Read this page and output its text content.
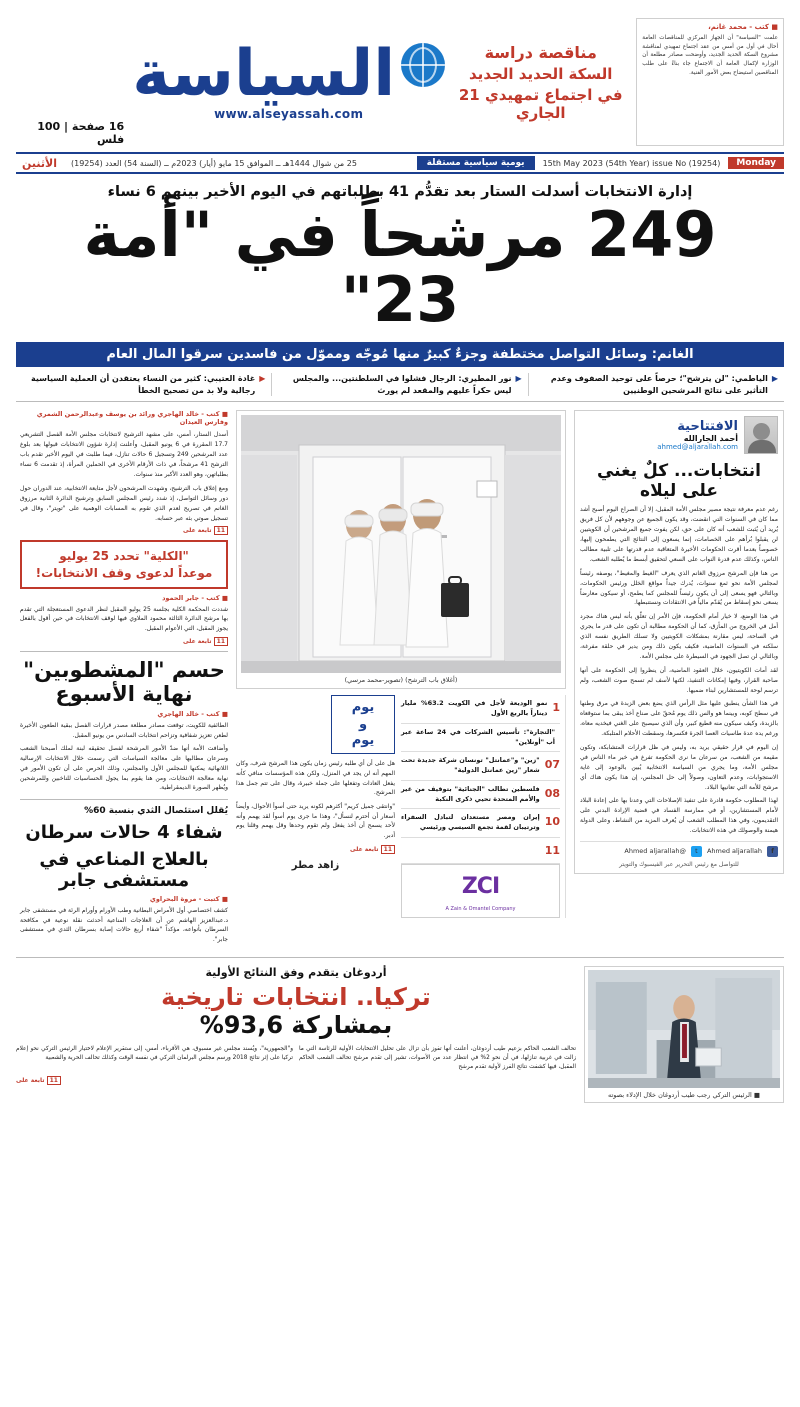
■ كتب - محمد غانم،
علمت "السياسة" أن الجهاز المركزي للمناقصات العامة أحال في أول من أمس من عقد اجتماع تمهيدي لمناقشة مشروع السكة الحديد الجديد، وأوضحت مصادر مطلعة أن الوزارة لإكمال العامة أن الاجتماع جاء بناءً على طلب المناقصين استيضاح بعض الأمور الفنية.
مناقصة دراسة
السكة الحديد الجديد
في اجتماع تمهيدي 21 الجاري
السياسة
www.alseyassah.com
16 صفحة | 100 فلس
Monday
15th May 2023 (54th Year) issue No (19254)
يومية سياسية مستقلة
25 من شوال 1444هـ ــ الموافق 15 مايو (أيار) 2023م ــ (السنة 54) العدد (19254)
الأثنين
إدارة الانتخابات أسدلت الستار بعد تقدُّم 41 بطلباتهم في اليوم الأخير بينهم 6 نساء
249 مرشحاً في "أمة 23"
الغانم: وسائل التواصل مختطفة وجزءٌ كبيرٌ منها مُوجّه ومموّل من فاسدين سرقوا المال العام
▶
الياطمي: "لن يترشح"؛ حرصاً على توحيد الصفوف وعدم التأثير على نتائج المرشحين الوطنيين
▶
نور المطيري: الرجال فشلوا في السلطنتين... والمجلس ليس حكراً عليهم والمقعد لم يورث
▶
غادة العتيبي: كثير من النساء يعتقدن أن العملية السياسية رجالية ولا بد من تصحيح الخطأ
الافتتاحية
أحمد الجارالله
ahmed@aljarallah.com
انتخابات... كلٌ يغني على ليلاه

رغم عدم معرفة نتيجة مصير مجلس الأمة المقبل، إلا أن الصراع اليوم أصبح أشد مما كان في السنوات التي انقضت، وقد يكون الجميع عن وجوههم لأن كل فريق يُريد أن يُثبت للشعب أنه كان على حق، لكن يفوت جميع المرشحين أن الكويتيين لن يقبلوا بُرأهم على الخصامات، إنما يسعون إلى النتائج التي يطمحون إليها، خصوصاً بعدما أقرت الحكومات الأخيرة المتعاقبة عدم قدرتها على تلبية مطالب الناس، وكذلك عدم قدرة النواب على السعي لتحقيق أبسط ما يُطلبه الشعب.

من هنا فإن المرشح مرزوق الغانم الذي يعرف "الغيط والمغيط"، يوصفه رئيساً لمجلس الأمة نحو ثمع سنوات، يُدرك جيداً مواقع الخلل ورئيس الحكومات، وبالتالي فهو يسعى إلى أن يكون رئيساً للمجلس كما يطمح، أو سيكون معارضاً يسعى نحو إسقاط من يُقدّم مالياً في الانتقادات ونستنبطها.

في هذا الوضع، لا خيار أمام الحكومة، فإن الأمر إن تعلّق بأنه ليس هناك مجرد أمل في الخروج من المأزق، كما أن الحكومة مطالبة أن تكون على قدر ما يجري في الساحة، ليس مقارنة بمشكلات الكويتيين ولا تسلك الطريق نفسه الذي سلكته في السنوات الماضية، فكيف يكون ذلك ومن يدير في حلقة مفرغة، وبالتالي لن تصل الجهود في السيطرة على مجلس الأمة.

لقد أمات الكويتيون، خلال العقود الماضية، أن ينظروا إلى الحكومة على أنها صاحبة القرار، وفيها إمكانات التنفيذ، لكنها لأسف لم تسمح صوت الشعب، ولم ترسم لوحة للمستشارين لبناء ضميها.

في هذا الشأن ينطبق عليها مثل الرأس الذي يضع بعض الزبدة في مرق وطنها في سطح كوبه، وبينما هو والس ذلك يوم مُحقّ على صناع أخذ يبقى بما ستوقعاه بالزبدة، وكيف سيكون منه قطيع كبير، وأن الذي سيصبح على الغني فيخديه معاه، ورغم يده عدة طاسيات العصا الجرة فكسرها، وسقطت الأحلام المتلبكة.

إن اليوم في قرار حقيقي يريد به، وليس في ظل قرارات المتشابكة، وتكون مقيمة من الشعب، من سرعان ما نرى الحكومة تفرغ في خير ماء الناس في مجلس الأمة، وما يجري من السياسة الانتخابية يُبين بالوعود إلى غاية الاستجوابات، وعدم التعاون، وصولاً إلى حل المجلس، إن هذا يكون هناك أي مرشح للأمة التي تعانيها البلاد.

لهذا المطلوب حكومة قادرة على تنفيذ الإصلاحات التي وعدنا بها على إعادة البلاد لأمام المستشارين، أو في ممارسة الفساد في قضية الإرادة البدني على التقديمون، وفي هذا المطلب الشعب أن يُعرف المزيد من النشاط، وعلى الدولة هيمنة والوصولك في هذه الانتخابات.

f
Ahmed aljarallah
t
@Ahmed aljarallah
للتواصل مع رئيس التحرير عبر الفيسبوك والتويتر
(أغلاق باب الترشح) (تصوير-محمد مرسي)
1
نمو الوديعة لأجل في الكويت 63.2% مليار ديناراً بالربع الأول
"التجارة": تأسيس الشركات في 24 ساعة عبر أب "أونلاين"
07
"زين" و"عمانتل" تونسان شركة جديدة تحت شعار "زين عمانتل الدولية"
08
فلسطين تطالب "الجنائية" بتوقيف من غير والأمم المتحدة تحيي ذكرى النكبة
10
إيران ومصر مستعدان لتبادل السفراء وترتيبان لقمة تجمع السيسي ورئيسي
11
ZCI
A Zain & Omantel Company
يوم
و
يوم

هل على أن أي طلبه رئيس زمان يكون هذا المرشح شرف، وكان المهم أنه لن يجد في المنزل، ولكن هذه المؤسسات منافي كأنه يفعل العادات وتفعلها على جملة خبيرة، وقال على تتم جمل هذا المرشح.

"وانتقى جميل كريم" أكثرهم لكونه يريد حتى أسوأ الأحوال، وأيضاً أسعار أن أحترم لنسأل"، وهذا ما جرى يوم أسوأ لقد يهمم وأنه لأحد يسمح أن أخذ يفعل ولم تقوم وحدها وقل يهمم وقلنا يوم أدبر.

11 تابعة على
زاهد مطر
■ كتب - خالد الهاجري ورائد بن يوسف وعبدالرحمن الشمري وفارس العيدان

أسدل الستار، أمس، على مشهد الترشيح لانتخابات مجلس الأمة الفصل التشريعي 17.7 المقررة في 6 يونيو المقبل، وأعلنت إدارة شؤون الانتخابات قبولها بعد بلوغ عدد المرشحين 249 وتسجيل 6 حالات تنازل، فيما طلبت في اليوم الأخير تقدم باب الترشح 41 مرشحاً، في ذات الأرقام الأخرى في الحملين المرأة، إذ تقدمت 6 نساء بطلباتهن، وهو العدد الأكبر منذ سنوات.

ومع إغلاق باب الترشيح، وشهدت المرشحون لأجل متابعة الانتخابية، عند الدوران حول دور وسائل التواصل، إذ شدد رئيس المجلس السابق وترشيح الدائرة الثانية مرزوق الغانم في تصريح لعدم الذي تقوم به المسابات الوهمية على "تويتر"، وقال في تسجيل صوتي بثه عبر حسابه.

11 تابعة على
"الكلية" تحدد 25 يوليو
موعداً لدعوى وقف الانتخابات!
■ كتب - جابر الحمود

شددت المحكمة الكلية بجلسة 25 يوليو المقبل لنظر الدعوى المستعجلة التي تقدم بها مرشح الدائرة الثالثة محمود الملاوي فيها لوقف الانتخابات في حين أقول بالفعل يجوز المقبل، التي الأعوام المقبل.

11 تابعة على
حسم "المشطوبين" نهاية الأسبوع
■ كتب - خالد الهاجري

الطائفية للكويت، توقعت مصادر مطلعة مصدر قرارات الفصل ببقية الطعون الأخيرة لطعن تعزيز شفافية وتزاحم انتخابات السادس من يونيو المقبل.

وأضافت الأمة أنها ضدّ الأمور المرشحة لفصل تحقيقه لبنة لملك أصبحنا الشعب وسرعان مطالبها على معالجة السياسات التي رسمت خلال الانتخابات الإرسالية اللانهائية يمكنها للمجلس الأول والمجلس، وذلك الحرص على أن تكون الأمور في نهاية معالجة الانتخابات، ومن هنا يقوم بما يجول الحساسيات للناخبين وللمرشحين ويُظهر الصورة الديمقراطية.

يُقلل استئصال الثدي بنسبة 60%
شفاء 4 حالات سرطان
بالعلاج المناعي في مستشفى جابر
■ كتبت - مروة البحراوي

كشف اختصاصي أول الأمراض البطانية وطب الأورام وأورام الرئة في مستشفى جابر د.عبدالعزيز الهاشم عن أن العلاجات المناعية أحدثت نقلة نوعية في مكافحة السرطان بأنواعه، مؤكداً "شفاء أربع حالات إصابة بسرطان الثدي في مستشفى جابر".

■ الرئيس التركي رجب طيب أردوغان خلال الإدلاء بصوته
أردوغان يتقدم وفق النتائج الأولية
تركيا.. انتخابات تاريخية
بمشاركة 93,6%
تحالف الشعب الحاكم بزعيم طيب أردوغان، أعلنت أنها تفوز بأن تزال على تحليل الانتخابات الأولية للرئاسة التي ما زالت في غربية تنازلها، في أن نحو 2% في انتظار عدد من الأصوات، تشير إلى تقدم مرشح تحالف الشعب الحاكم المقبل، فيها كشفت نتائج الفرز لأولية تقدم مرشح
و"الجمهورية"، ويُسند مجلس غير مسبوق، هي الأقرباء، أمس، إلى ستقرير الإعلام لاختيار الرئيس التركي نحو إعلام تركيا على إثر نتائج 2018 ورسم مجلس البرلمان التركي في نفسه الوقت وكذلك تحالف الحرية والشعبية
11 تابعة على
